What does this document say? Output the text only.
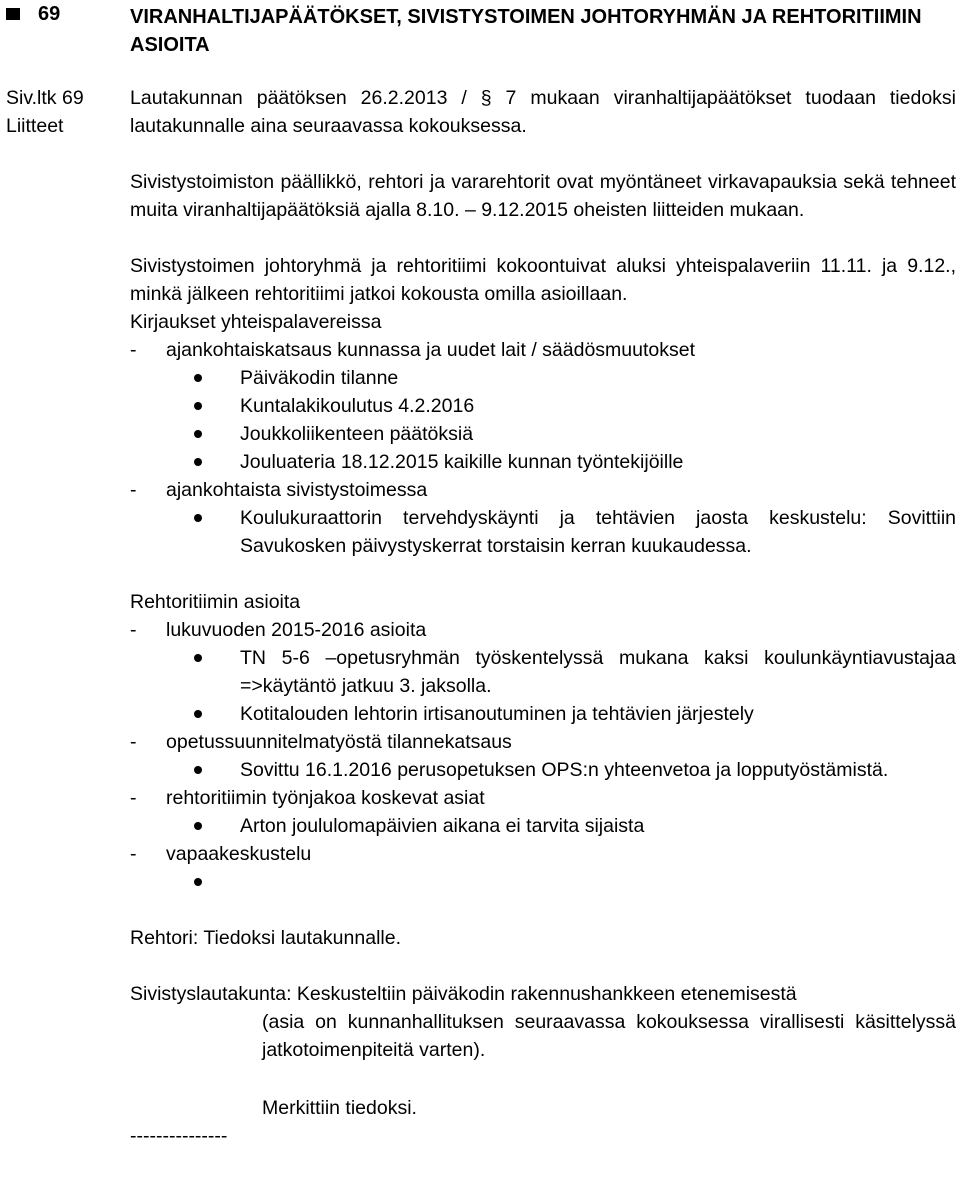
69	VIRANHALTIJAPÄÄTÖKSET, SIVISTYSTOIMEN JOHTORYHMÄN JA REHTORITIIMIN ASIOITA
Siv.ltk 69
Liitteet

Lautakunnan päätöksen 26.2.2013 / § 7 mukaan viranhaltijapäätökset tuodaan tiedoksi lautakunnalle aina seuraavassa kokouksessa.

Sivistystoimiston päällikkö, rehtori ja vararehtorit ovat myöntäneet virkavapauksia sekä tehneet muita viranhaltijapäätöksiä ajalla 8.10. – 9.12.2015 oheisten liitteiden mukaan.

Sivistystoimen johtoryhmä ja rehtoritiimi kokoontuivat aluksi yhteispalaveriin 11.11. ja 9.12., minkä jälkeen rehtoritiimi jatkoi kokousta omilla asioillaan.

Kirjaukset yhteispalavereissa
- ajankohtaiskatsaus kunnassa ja uudet lait / säädösmuutokset
Päiväkodin tilanne
Kuntalakikoulutus 4.2.2016
Joukkoliikenteen päätöksiä
Jouluateria 18.12.2015 kaikille kunnan työntekijöille
- ajankohtaista sivistystoimessa
Koulukuraattorin tervehdyskäynti ja tehtävien jaosta keskustelu: Sovittiin Savukosken päivystyskerrat torstaisin kerran kuukaudessa.
Rehtoritiimin asioita
- lukuvuoden 2015-2016 asioita
TN 5-6 –opetusryhmän työskentelyssä mukana kaksi koulunkäyntiavustajaa =>käytäntö jatkuu 3. jaksolla.
Kotitalouden lehtorin irtisanoutuminen ja tehtävien järjestely
- opetussuunnitelmatyöstä tilannekatsaus
Sovittu 16.1.2016 perusopetuksen OPS:n yhteenvetoa ja lopputyöstämistä.
- rehtoritiimin työnjakoa koskevat asiat
Arton joululomapäivien aikana ei tarvita sijaista
- vapaakeskustelu

Rehtori: Tiedoksi lautakunnalle.

Sivistyslautakunta: Keskusteltiin päiväkodin rakennushankkeen etenemisestä

(asia on kunnanhallituksen seuraavassa kokouksessa virallisesti käsittelyssä jatkotoimenpiteitä varten).
Merkittiin tiedoksi.
---------------
